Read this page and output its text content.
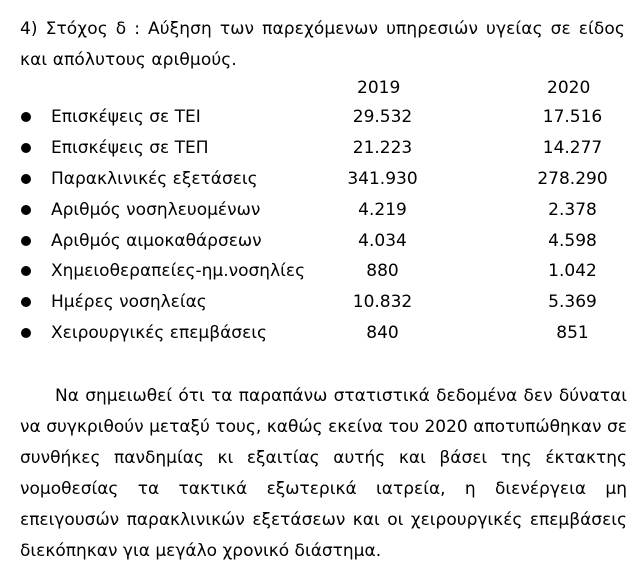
4) Στόχος δ : Αύξηση των παρεχόμενων υπηρεσιών υγείας σε είδος και απόλυτους αριθμούς.
2019	2020
Επισκέψεις σε ΤΕΙ	29.532	17.516
Επισκέψεις σε ΤΕΠ	21.223	14.277
Παρακλινικές εξετάσεις	341.930	278.290
Αριθμός νοσηλευομένων	4.219	2.378
Αριθμός αιμοκαθάρσεων	4.034	4.598
Χημειοθεραπείες-ημ.νοσηλίες	880	1.042
Ημέρες νοσηλείας	10.832	5.369
Χειρουργικές επεμβάσεις	840	851
Να σημειωθεί ότι τα παραπάνω στατιστικά δεδομένα δεν δύναται να συγκριθούν μεταξύ τους, καθώς εκείνα του 2020 αποτυπώθηκαν σε συνθήκες πανδημίας κι εξαιτίας αυτής και βάσει της έκτακτης νομοθεσίας τα τακτικά εξωτερικά ιατρεία, η διενέργεια μη επειγουσών παρακλινικών εξετάσεων και οι χειρουργικές επεμβάσεις διεκόπηκαν για μεγάλο χρονικό διάστημα.
